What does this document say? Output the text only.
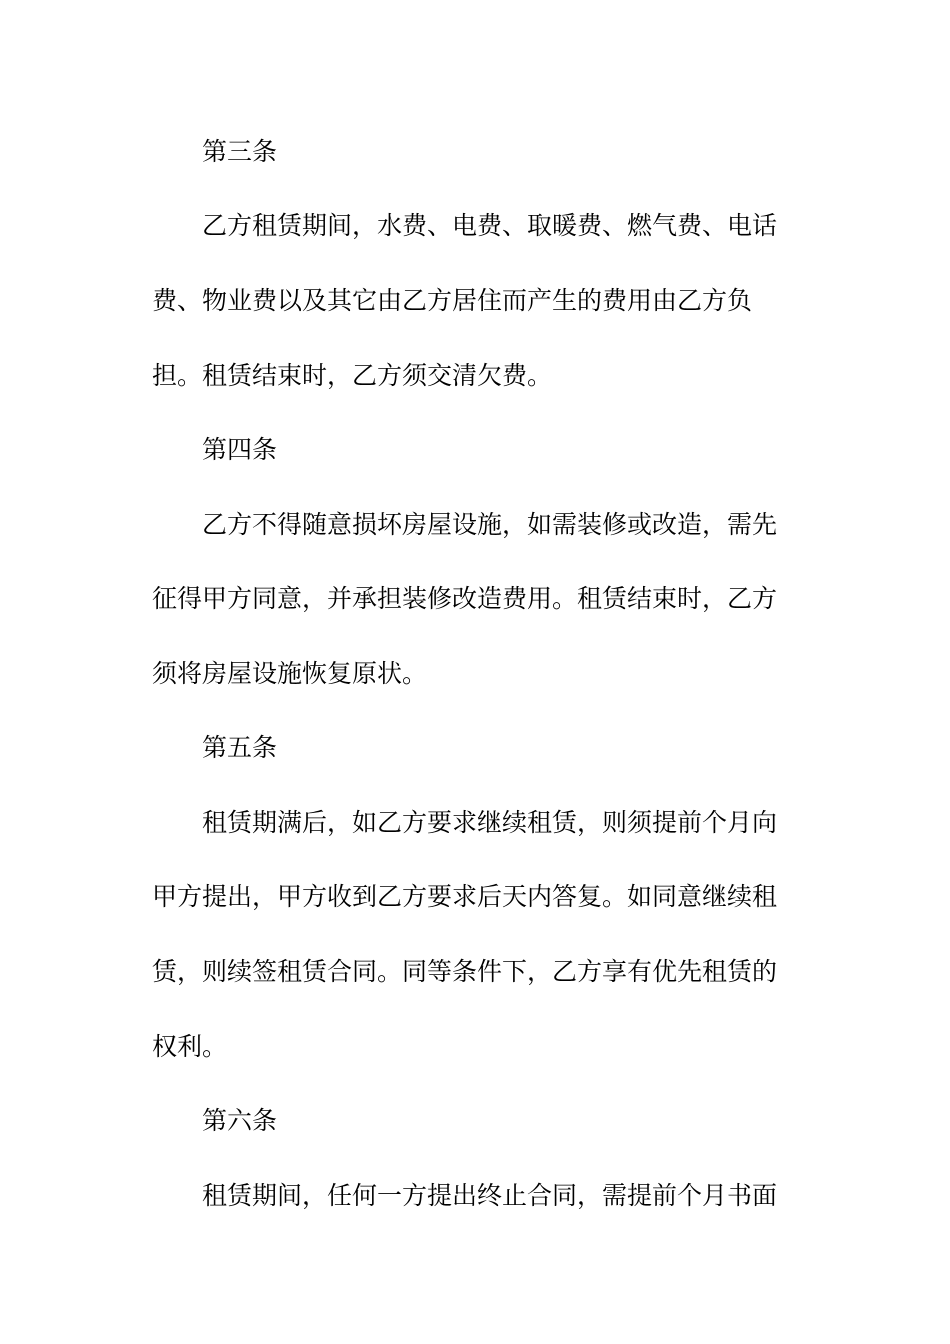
第三条
乙方租赁期间，水费、电费、取暖费、燃气费、电话
费、物业费以及其它由乙方居住而产生的费用由乙方负
担。租赁结束时，乙方须交清欠费。
第四条
乙方不得随意损坏房屋设施，如需装修或改造，需先
征得甲方同意，并承担装修改造费用。租赁结束时，乙方
须将房屋设施恢复原状。
第五条
租赁期满后，如乙方要求继续租赁，则须提前个月向
甲方提出，甲方收到乙方要求后天内答复。如同意继续租
赁，则续签租赁合同。同等条件下，乙方享有优先租赁的
权利。
第六条
租赁期间，任何一方提出终止合同，需提前个月书面
